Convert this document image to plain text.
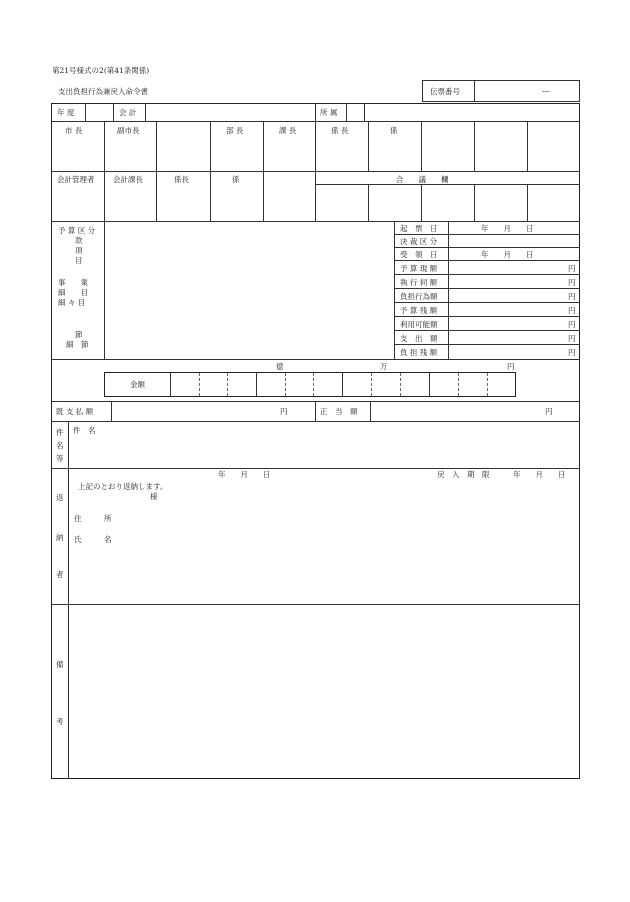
第21号様式の2(第41条関係)
支出負担行為兼戻入命令書	伝票番号	―
年 度	会 計	所 属
市 長	副市長	部 長	課 長	係 長	係
会計管理者 会計課長	係長	係	合　　議　　欄
予 算 区 分
款
項
目
事　　業
細　　目
細 々 目
節
細　節
起　票　日	年　　月　　日
決 裁 区 分
受　領　日	年　　月　　日
予 算 現 額	円
執 行 伺 額	円
負担行為額	円
予 算 残 額	円
利用可能額	円
支　出　額	円
負 担 残 額	円
億	万	円
金額
既 支 払 額	円	正　当　額	円
件
名
等
件　名
返
納
者
年　　月　　日	戻　入　期　限	年　　月　　日
上記のとおり返納します。
様
住　　　所
氏　　　名
備
考
